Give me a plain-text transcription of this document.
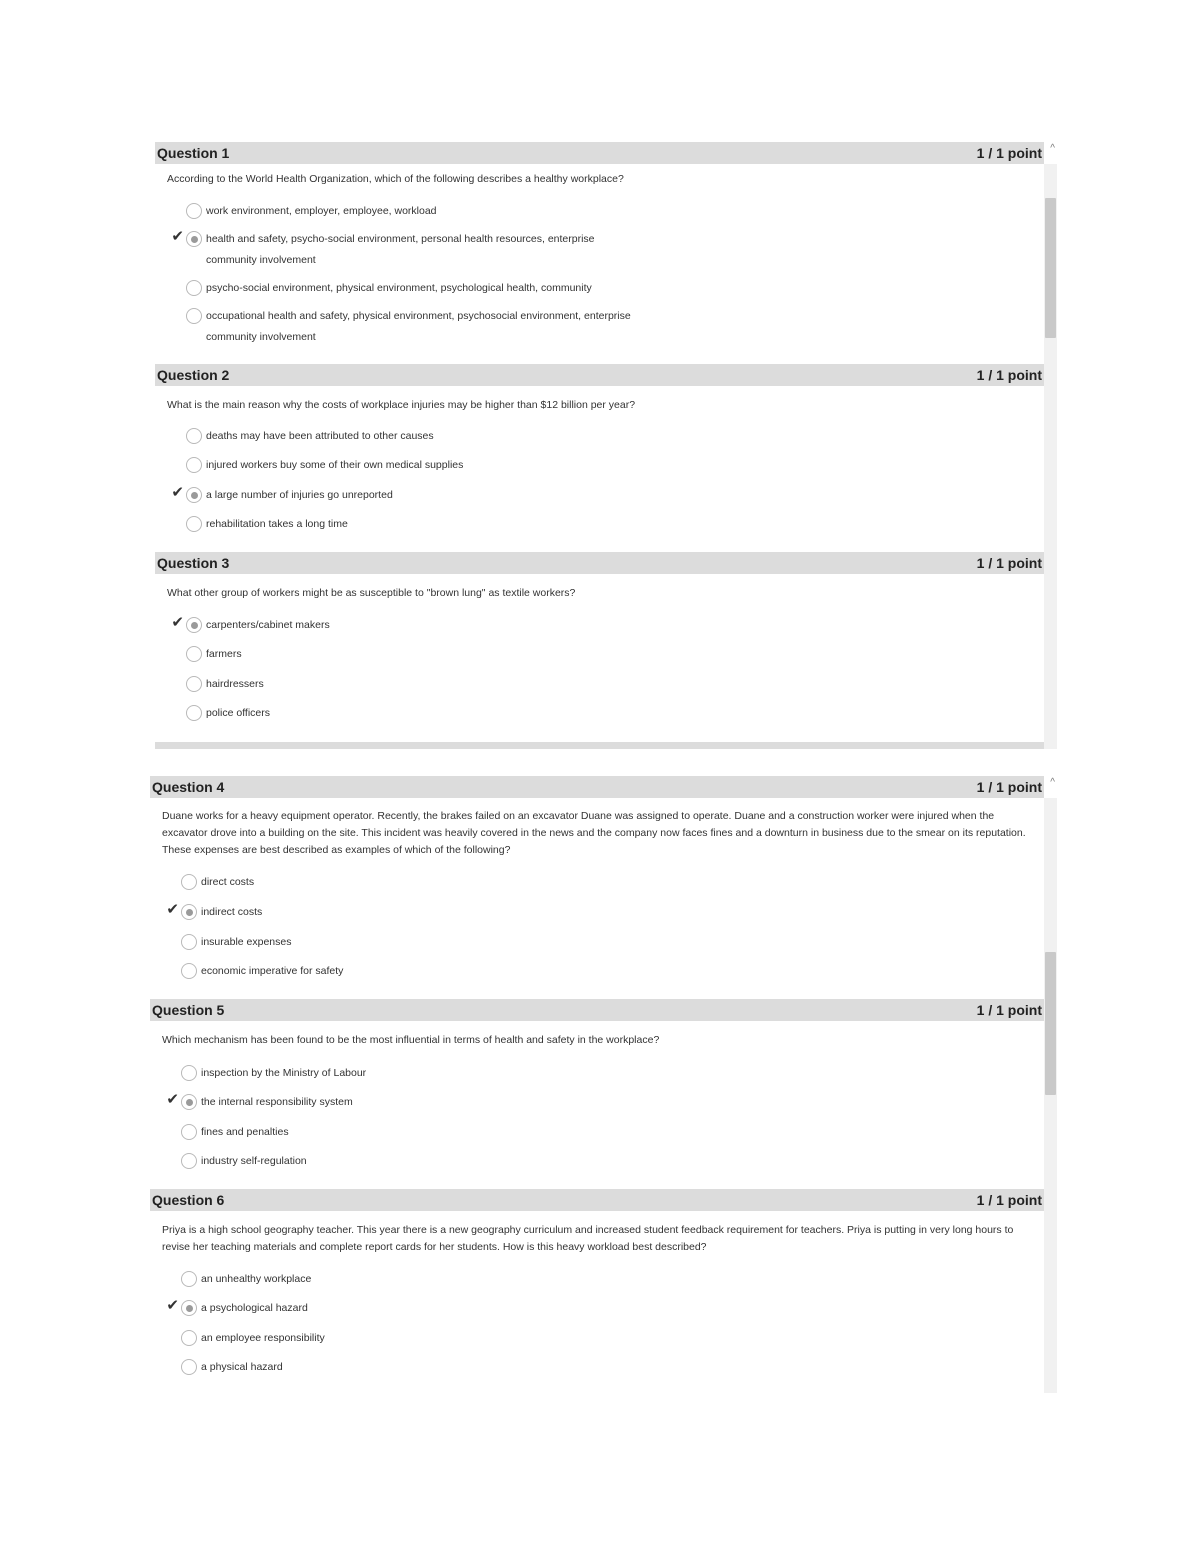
Question 1	1 / 1 point
According to the World Health Organization, which of the following describes a healthy workplace?
work environment, employer, employee, workload
✔ health and safety, psycho-social environment, personal health resources, enterprise community involvement
psycho-social environment, physical environment, psychological health, community
occupational health and safety, physical environment, psychosocial environment, enterprise community involvement
Question 2	1 / 1 point
What is the main reason why the costs of workplace injuries may be higher than $12 billion per year?
deaths may have been attributed to other causes
injured workers buy some of their own medical supplies
✔ a large number of injuries go unreported
rehabilitation takes a long time
Question 3	1 / 1 point
What other group of workers might be as susceptible to "brown lung" as textile workers?
✔ carpenters/cabinet makers
farmers
hairdressers
police officers
^
Question 4	1 / 1 point
Duane works for a heavy equipment operator. Recently, the brakes failed on an excavator Duane was assigned to operate. Duane and a construction worker were injured when the excavator drove into a building on the site. This incident was heavily covered in the news and the company now faces fines and a downturn in business due to the smear on its reputation. These expenses are best described as examples of which of the following?
direct costs
✔ indirect costs
insurable expenses
economic imperative for safety
Question 5	1 / 1 point
Which mechanism has been found to be the most influential in terms of health and safety in the workplace?
inspection by the Ministry of Labour
✔ the internal responsibility system
fines and penalties
industry self-regulation
Question 6	1 / 1 point
Priya is a high school geography teacher. This year there is a new geography curriculum and increased student feedback requirement for teachers. Priya is putting in very long hours to revise her teaching materials and complete report cards for her students. How is this heavy workload best described?
an unhealthy workplace
✔ a psychological hazard
an employee responsibility
a physical hazard
^
